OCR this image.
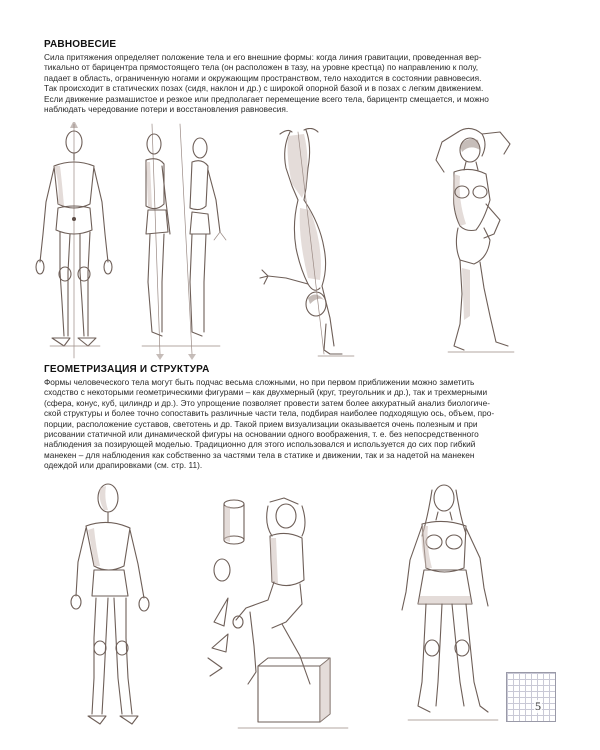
РАВНОВЕСИЕ

Сила притяжения определяет положение тела и его внешние формы: когда линия гравитации, проведенная вер-
тикально от барицентра прямостоящего тела (он расположен в тазу, на уровне крестца) по направлению к полу,
падает в область, ограниченную ногами и окружающим пространством, тело находится в состоянии равновесия.
Так происходит в статических позах (сидя, наклон и др.) с широкой опорной базой и в позах с легким движением.
Если движение размашистое и резкое или предполагает перемещение всего тела, барицентр смещается, и можно
наблюдать чередование потери и восстановления равновесия.

ГЕОМЕТРИЗАЦИЯ И СТРУКТУРА

Формы человеческого тела могут быть подчас весьма сложными, но при первом приближении можно заметить
сходство с некоторыми геометрическими фигурами – как двухмерный (круг, треугольник и др.), так и трехмерными
(сфера, конус, куб, цилиндр и др.). Это упрощение позволяет провести затем более аккуратный анализ биологиче-
ской структуры и более точно сопоставить различные части тела, подбирая наиболее подходящую ось, объем, про-
порции, расположение суставов, светотень и др. Такой прием визуализации оказывается очень полезным и при
рисовании статичной или динамической фигуры на основании одного воображения, т. е. без непосредственного
наблюдения за позирующей моделью. Традиционно для этого использовался и используется до сих пор гибкий
манекен – для наблюдения как собственно за частями тела в статике и движении, так и за надетой на манекен
одеждой или драпировками (см. стр. 11).

5
